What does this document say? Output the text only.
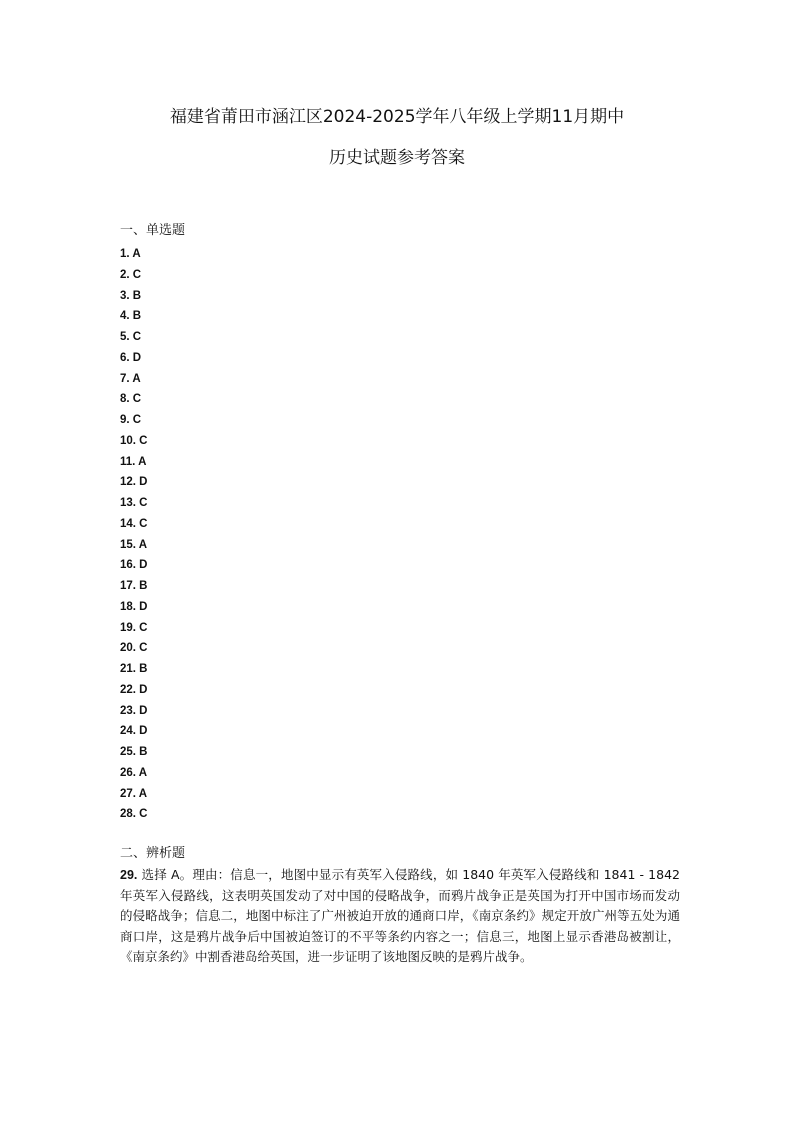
福建省莆田市涵江区2024-2025学年八年级上学期11月期中
历史试题参考答案
一、单选题
1. A
2. C
3. B
4. B
5. C
6. D
7. A
8. C
9. C
10. C
11. A
12. D
13. C
14. C
15. A
16. D
17. B
18. D
19. C
20. C
21. B
22. D
23. D
24. D
25. B
26. A
27. A
28. C
二、辨析题
29. 选择 A。理由：信息一，地图中显示有英军入侵路线，如 1840 年英军入侵路线和 1841 - 1842 年英军入侵路线，这表明英国发动了对中国的侵略战争，而鸦片战争正是英国为打开中国市场而发动的侵略战争；信息二，地图中标注了广州被迫开放的通商口岸，《南京条约》规定开放广州等五处为通商口岸，这是鸦片战争后中国被迫签订的不平等条约内容之一；信息三，地图上显示香港岛被割让，《南京条约》中割香港岛给英国，进一步证明了该地图反映的是鸦片战争。
